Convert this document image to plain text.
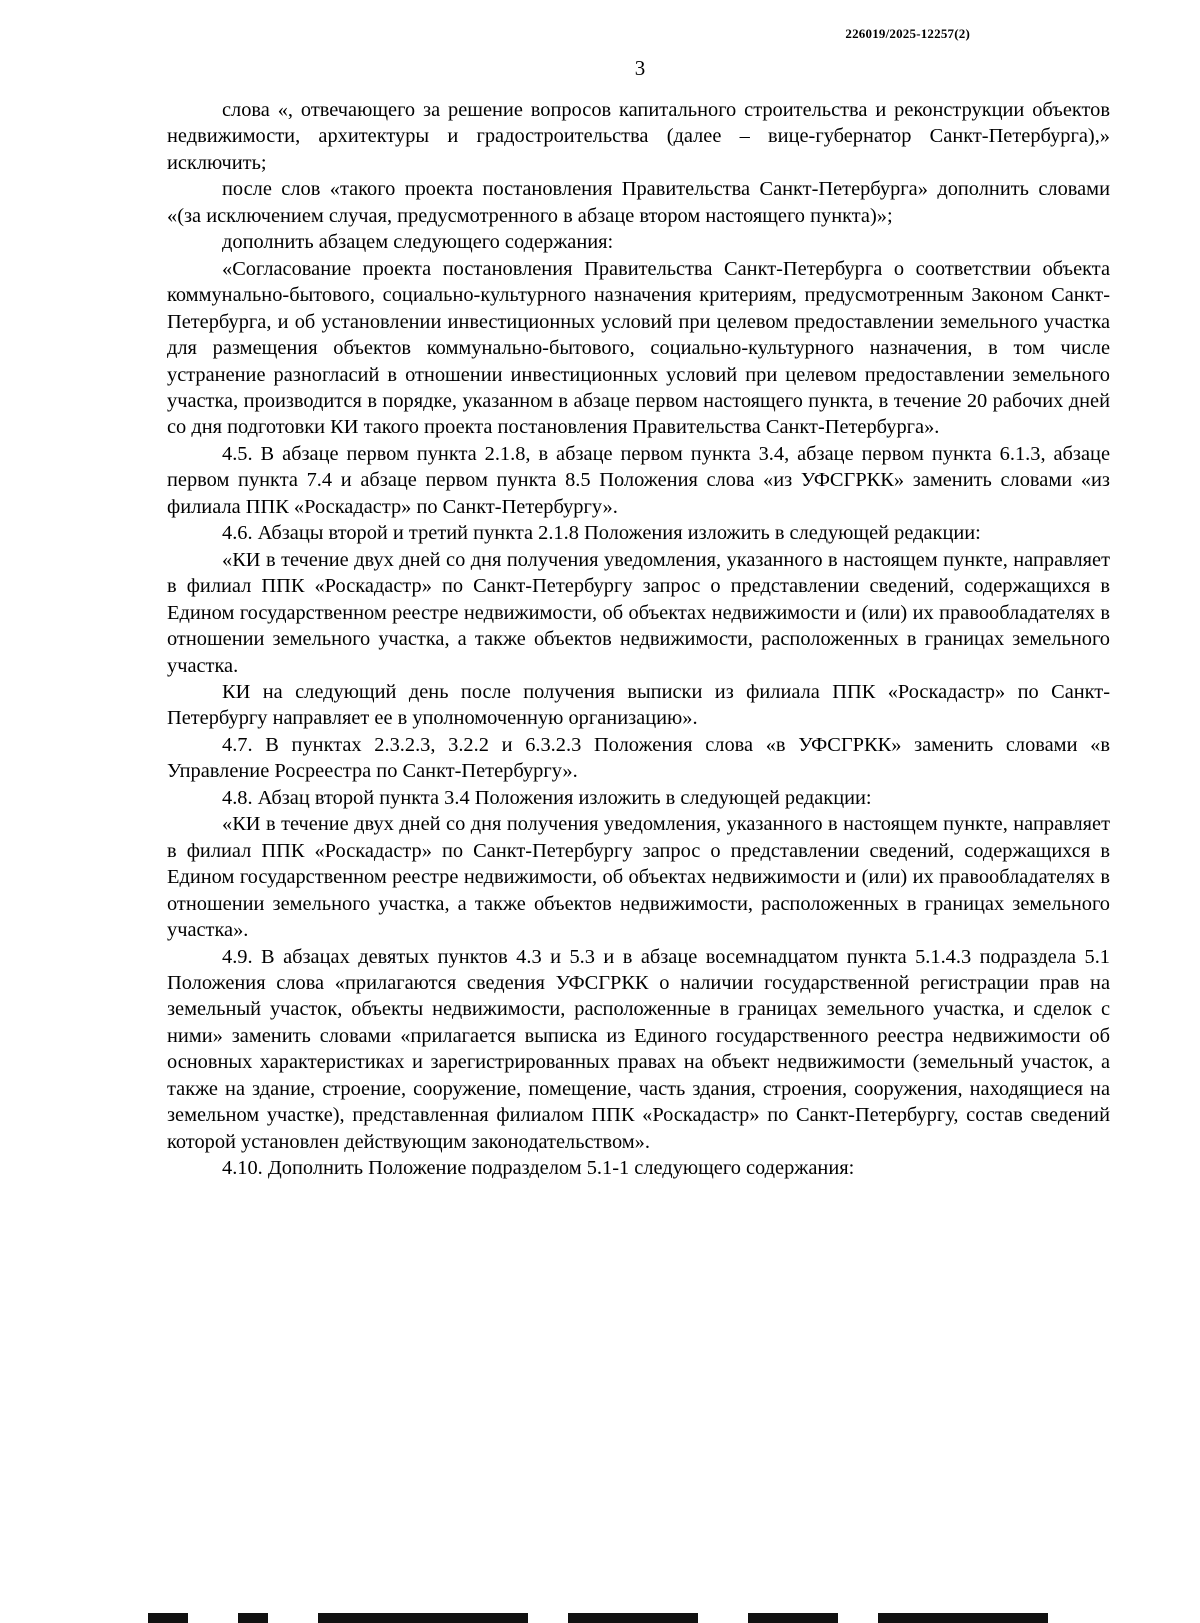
226019/2025-12257(2)
3

слова «, отвечающего за решение вопросов капитального строительства и реконструкции объектов недвижимости, архитектуры и градостроительства (далее – вице-губернатор Санкт-Петербурга),» исключить;

после слов «такого проекта постановления Правительства Санкт-Петербурга» дополнить словами «(за исключением случая, предусмотренного в абзаце втором настоящего пункта)»;

дополнить абзацем следующего содержания:

«Согласование проекта постановления Правительства Санкт-Петербурга о соответствии объекта коммунально-бытового, социально-культурного назначения критериям, предусмотренным Законом Санкт-Петербурга, и об установлении инвестиционных условий при целевом предоставлении земельного участка для размещения объектов коммунально-бытового, социально-культурного назначения, в том числе устранение разногласий в отношении инвестиционных условий при целевом предоставлении земельного участка, производится в порядке, указанном в абзаце первом настоящего пункта, в течение 20 рабочих дней со дня подготовки КИ такого проекта постановления Правительства Санкт-Петербурга».

4.5. В абзаце первом пункта 2.1.8, в абзаце первом пункта 3.4, абзаце первом пункта 6.1.3, абзаце первом пункта 7.4 и абзаце первом пункта 8.5 Положения слова «из УФСГРКК» заменить словами «из филиала ППК «Роскадастр» по Санкт-Петербургу».

4.6. Абзацы второй и третий пункта 2.1.8 Положения изложить в следующей редакции:

«КИ в течение двух дней со дня получения уведомления, указанного в настоящем пункте, направляет в филиал ППК «Роскадастр» по Санкт-Петербургу запрос о представлении сведений, содержащихся в Едином государственном реестре недвижимости, об объектах недвижимости и (или) их правообладателях в отношении земельного участка, а также объектов недвижимости, расположенных в границах земельного участка.

КИ на следующий день после получения выписки из филиала ППК «Роскадастр» по Санкт-Петербургу направляет ее в уполномоченную организацию».

4.7. В пунктах 2.3.2.3, 3.2.2 и 6.3.2.3 Положения слова «в УФСГРКК» заменить словами «в Управление Росреестра по Санкт-Петербургу».

4.8. Абзац второй пункта 3.4 Положения изложить в следующей редакции:

«КИ в течение двух дней со дня получения уведомления, указанного в настоящем пункте, направляет в филиал ППК «Роскадастр» по Санкт-Петербургу запрос о представлении сведений, содержащихся в Едином государственном реестре недвижимости, об объектах недвижимости и (или) их правообладателях в отношении земельного участка, а также объектов недвижимости, расположенных в границах земельного участка».

4.9. В абзацах девятых пунктов 4.3 и 5.3 и в абзаце восемнадцатом пункта 5.1.4.3 подраздела 5.1 Положения слова «прилагаются сведения УФСГРКК о наличии государственной регистрации прав на земельный участок, объекты недвижимости, расположенные в границах земельного участка, и сделок с ними» заменить словами «прилагается выписка из Единого государственного реестра недвижимости об основных характеристиках и зарегистрированных правах на объект недвижимости (земельный участок, а также на здание, строение, сооружение, помещение, часть здания, строения, сооружения, находящиеся на земельном участке), представленная филиалом ППК «Роскадастр» по Санкт-Петербургу, состав сведений которой установлен действующим законодательством».

4.10. Дополнить Положение подразделом 5.1-1 следующего содержания:
